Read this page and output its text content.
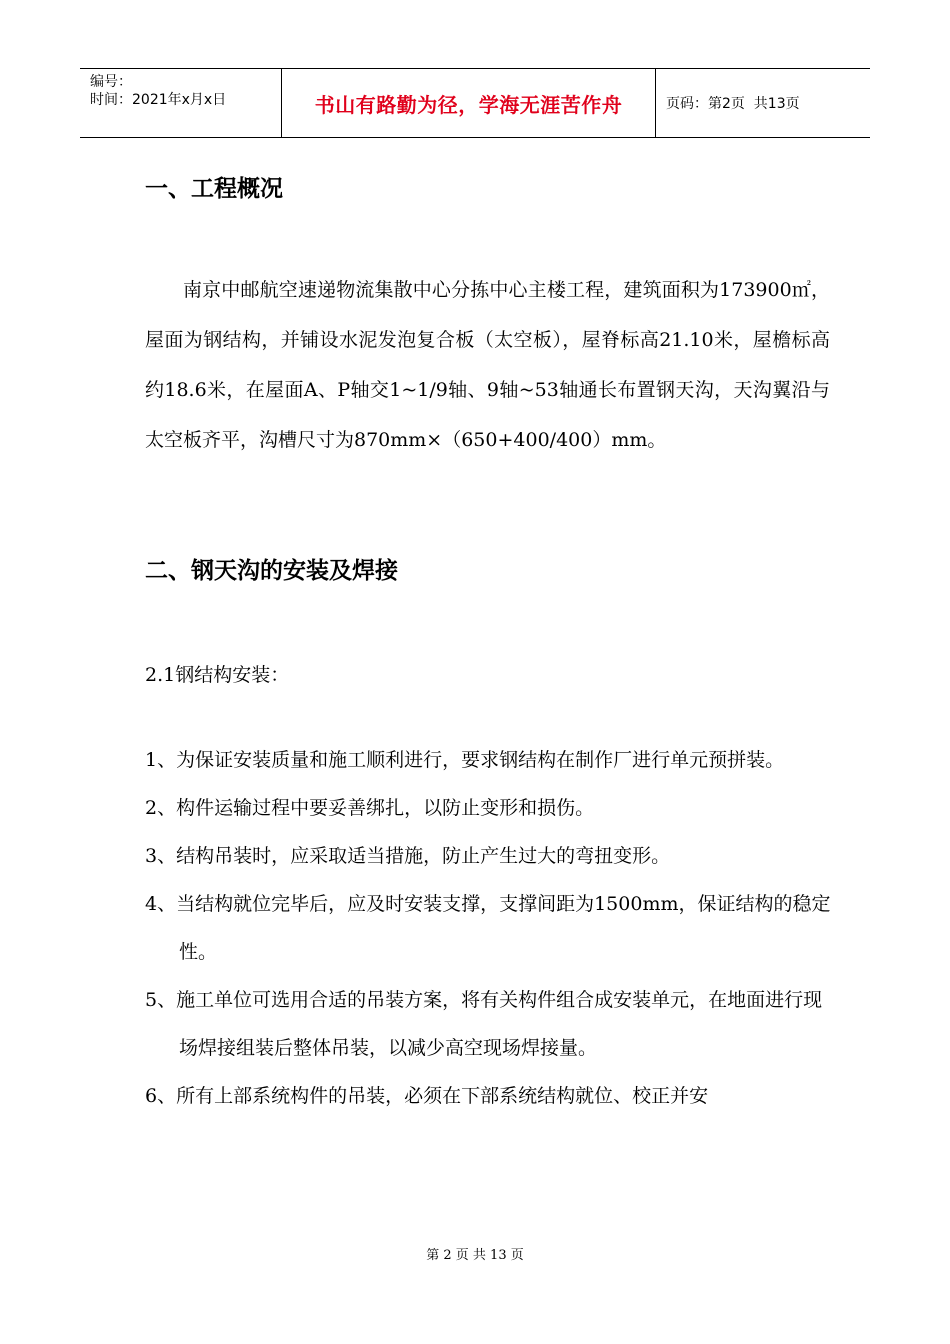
编号：
时间：2021年x月x日	书山有路勤为径，学海无涯苦作舟	页码：第2页  共13页
一、工程概况

南京中邮航空速递物流集散中心分拣中心主楼工程，建筑面积为173900㎡，屋面为钢结构，并铺设水泥发泡复合板（太空板），屋脊标高21.10米，屋檐标高约18.6米，在屋面A、P轴交1~1/9轴、9轴~53轴通长布置钢天沟，天沟翼沿与太空板齐平，沟槽尺寸为870mm×（650+400/400）mm。

二、钢天沟的安装及焊接
2.1钢结构安装：
1、为保证安装质量和施工顺利进行，要求钢结构在制作厂进行单元预拼装。
2、构件运输过程中要妥善绑扎，以防止变形和损伤。
3、结构吊装时，应采取适当措施，防止产生过大的弯扭变形。
4、当结构就位完毕后，应及时安装支撑，支撑间距为1500mm，保证结构的稳定性。
5、施工单位可选用合适的吊装方案，将有关构件组合成安装单元，在地面进行现场焊接组装后整体吊装，以减少高空现场焊接量。
6、所有上部系统构件的吊装，必须在下部系统结构就位、校正并安
第 2 页 共 13 页
